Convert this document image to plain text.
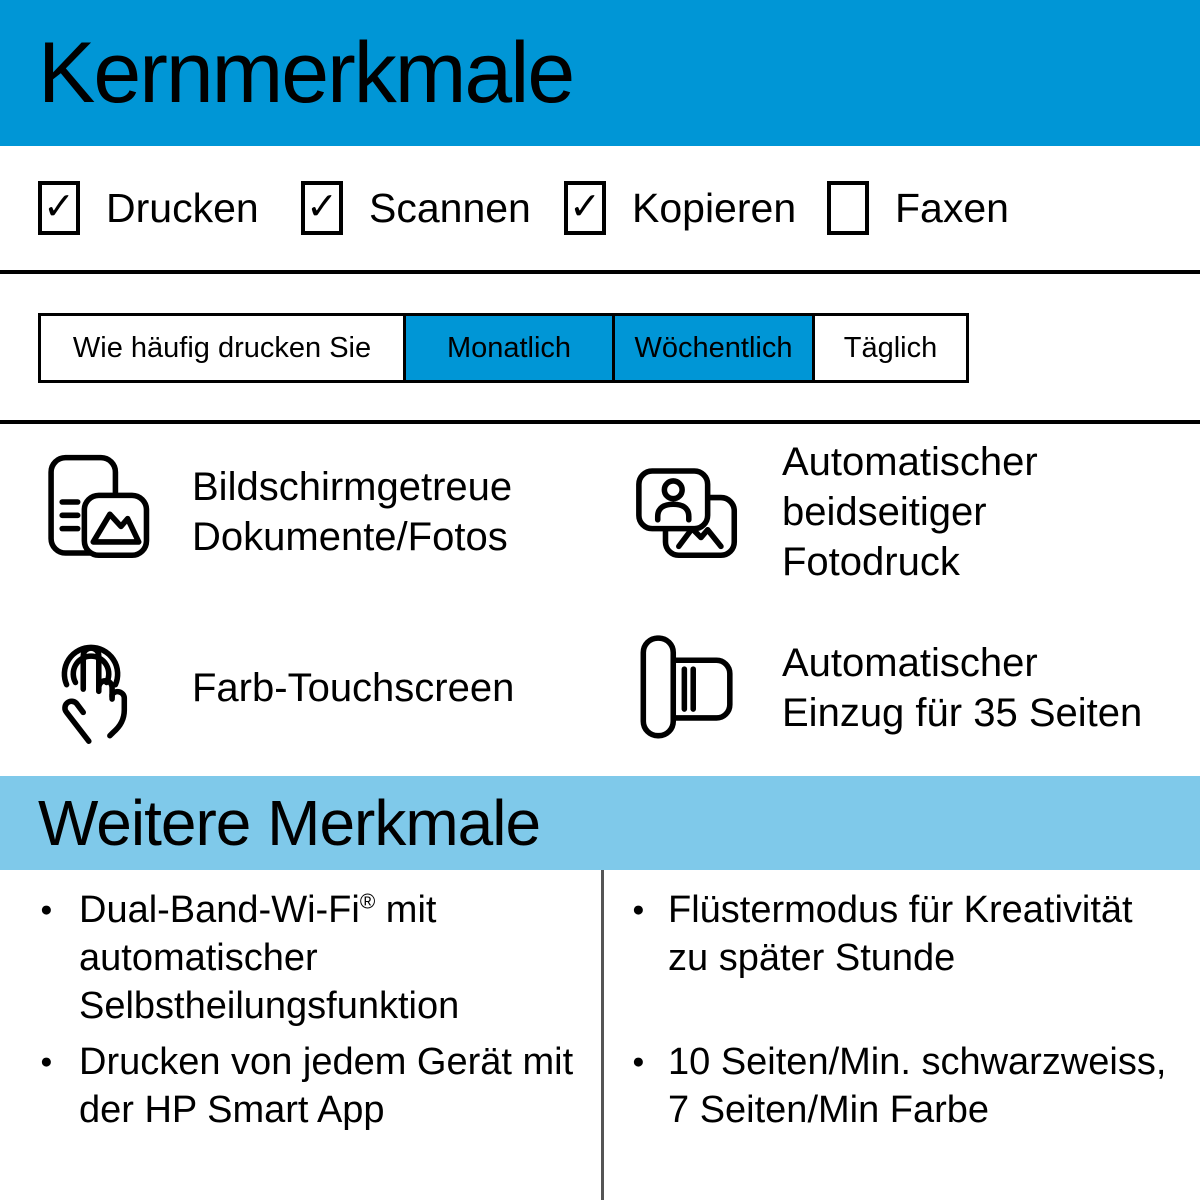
Kernmerkmale
✓ Drucken ✓ Scannen ✓ Kopieren Faxen
Wie häufig drucken Sie	Monatlich	Wöchentlich	Täglich
Bildschirmgetreue
Dokumente/Fotos
Automatischer
beidseitiger
Fotodruck
Farb-Touchscreen
Automatischer
Einzug für 35 Seiten
Weitere Merkmale
● Dual-Band-Wi-Fi® mit
automatischer
Selbstheilungsfunktion
● Drucken von jedem Gerät mit
der HP Smart App
● Flüstermodus für Kreativität
zu später Stunde
● 10 Seiten/Min. schwarzweiss,
7 Seiten/Min Farbe
